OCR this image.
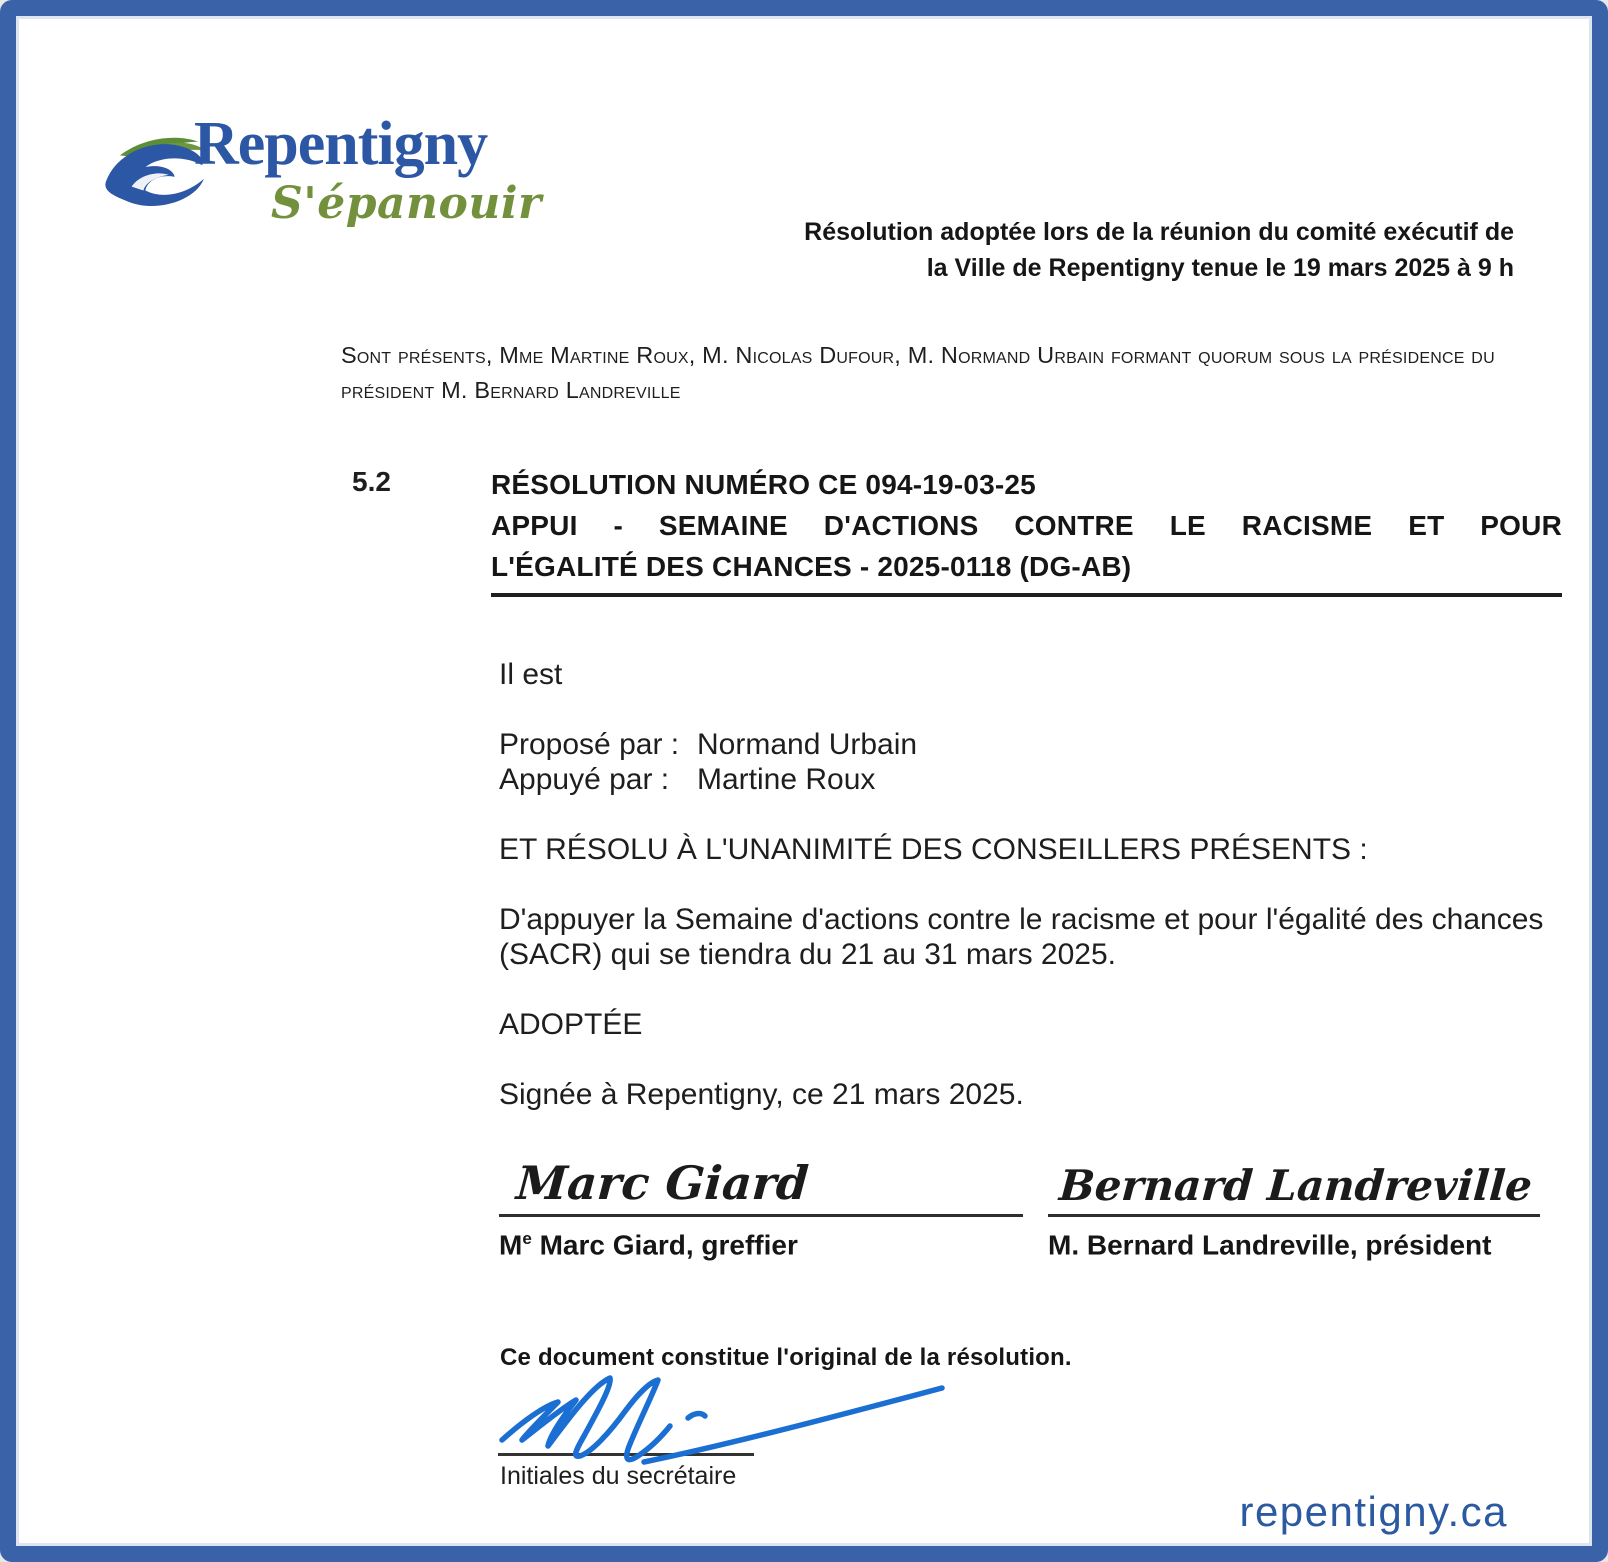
Repentigny
S'épanouir
Résolution adoptée lors de la réunion du comité exécutif de
la Ville de Repentigny tenue le 19 mars 2025 à 9 h

Sont présents, Mme Martine Roux, M. Nicolas Dufour, M. Normand Urbain formant quorum sous la présidence du président M. Bernard Landreville

5.2	RÉSOLUTION NUMÉRO CE 094-19-03-25
APPUI - SEMAINE D'ACTIONS CONTRE LE RACISME ET POUR
L'ÉGALITÉ DES CHANCES - 2025-0118 (DG-AB)

Il est

Proposé par : Normand Urbain
Appuyé par : Martine Roux

ET RÉSOLU À L'UNANIMITÉ DES CONSEILLERS PRÉSENTS :

D'appuyer la Semaine d'actions contre le racisme et pour l'égalité des chances (SACR) qui se tiendra du 21 au 31 mars 2025.

ADOPTÉE

Signée à Repentigny, ce 21 mars 2025.

Marc Giard
Me Marc Giard, greffier
Bernard Landreville
M. Bernard Landreville, président
Ce document constitue l'original de la résolution.
Initiales du secrétaire
repentigny.ca
